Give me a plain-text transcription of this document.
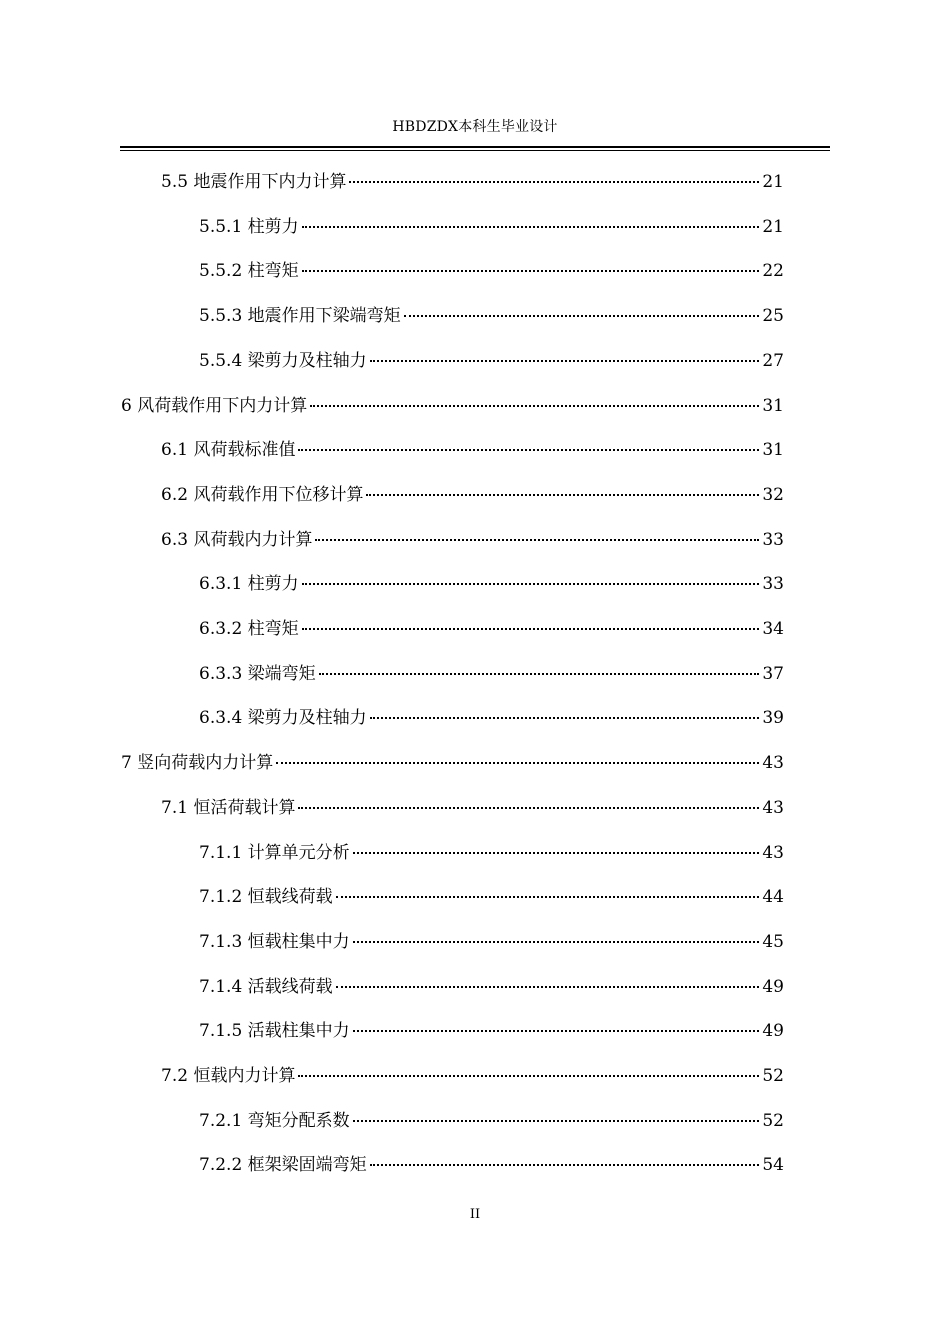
HBDZDX本科生毕业设计
5.5 地震作用下内力计算	21
5.5.1 柱剪力	21
5.5.2 柱弯矩	22
5.5.3 地震作用下梁端弯矩	25
5.5.4 梁剪力及柱轴力	27
6 风荷载作用下内力计算	31
6.1 风荷载标准值	31
6.2 风荷载作用下位移计算	32
6.3 风荷载内力计算	33
6.3.1 柱剪力	33
6.3.2 柱弯矩	34
6.3.3 梁端弯矩	37
6.3.4 梁剪力及柱轴力	39
7 竖向荷载内力计算	43
7.1 恒活荷载计算	43
7.1.1 计算单元分析	43
7.1.2 恒载线荷载	44
7.1.3 恒载柱集中力	45
7.1.4 活载线荷载	49
7.1.5 活载柱集中力	49
7.2 恒载内力计算	52
7.2.1 弯矩分配系数	52
7.2.2 框架梁固端弯矩	54
II
